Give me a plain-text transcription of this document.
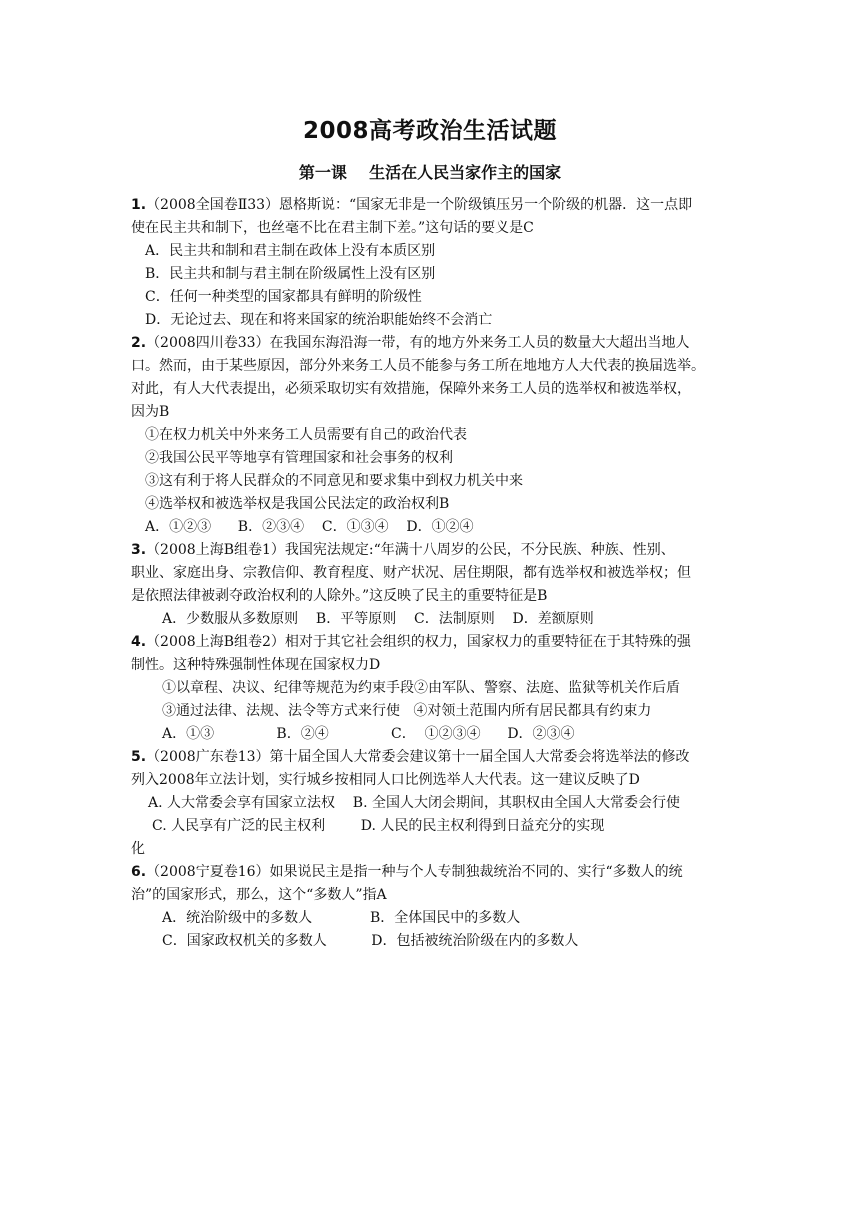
2008高考政治生活试题
第一课    生活在人民当家作主的国家
1.（2008全国卷Ⅱ33）恩格斯说：“国家无非是一个阶级镇压另一个阶级的机器．这一点即
使在民主共和制下，也丝毫不比在君主制下差。”这句话的要义是C
A．民主共和制和君主制在政体上没有本质区别
B．民主共和制与君主制在阶级属性上没有区别
C．任何一种类型的国家都具有鲜明的阶级性
D．无论过去、现在和将来国家的统治职能始终不会消亡
2.（2008四川卷33）在我国东海沿海一带，有的地方外来务工人员的数量大大超出当地人
口。然而，由于某些原因，部分外来务工人员不能参与务工所在地地方人大代表的换届选举。
对此，有人大代表提出，必须采取切实有效措施，保障外来务工人员的选举权和被选举权，
因为B
①在权力机关中外来务工人员需要有自己的政治代表
②我国公民平等地享有管理国家和社会事务的权利
③这有利于将人民群众的不同意见和要求集中到权力机关中来
④选举权和被选举权是我国公民法定的政治权利B
A．①②③      B．②③④    C．①③④    D．①②④
3.（2008上海B组卷1）我国宪法规定:“年满十八周岁的公民，不分民族、种族、性别、
职业、家庭出身、宗教信仰、教育程度、财产状况、居住期限，都有选举权和被选举权；但
是依照法律被剥夺政治权利的人除外。”这反映了民主的重要特征是B
A．少数服从多数原则    B．平等原则    C．法制原则    D．差额原则
4.（2008上海B组卷2）相对于其它社会组织的权力，国家权力的重要特征在于其特殊的强
制性。这种特殊强制性体现在国家权力D
①以章程、决议、纪律等规范为约束手段②由军队、警察、法庭、监狱等机关作后盾
③通过法律、法规、法令等方式来行使   ④对领土范围内所有居民都具有约束力
A．①③              B．②④              C．  ①②③④      D．②③④
5.（2008广东卷13）第十届全国人大常委会建议第十一届全国人大常委会将选举法的修改
列入2008年立法计划，实行城乡按相同人口比例选举人大代表。这一建议反映了D
A. 人大常委会享有国家立法权    B. 全国人大闭会期间，其职权由全国人大常委会行使
C. 人民享有广泛的民主权利        D. 人民的民主权利得到日益充分的实现
化
6.（2008宁夏卷16）如果说民主是指一种与个人专制独裁统治不同的、实行“多数人的统
治”的国家形式，那么，这个“多数人”指A
A．统治阶级中的多数人             B．全体国民中的多数人
C．国家政权机关的多数人          D．包括被统治阶级在内的多数人
